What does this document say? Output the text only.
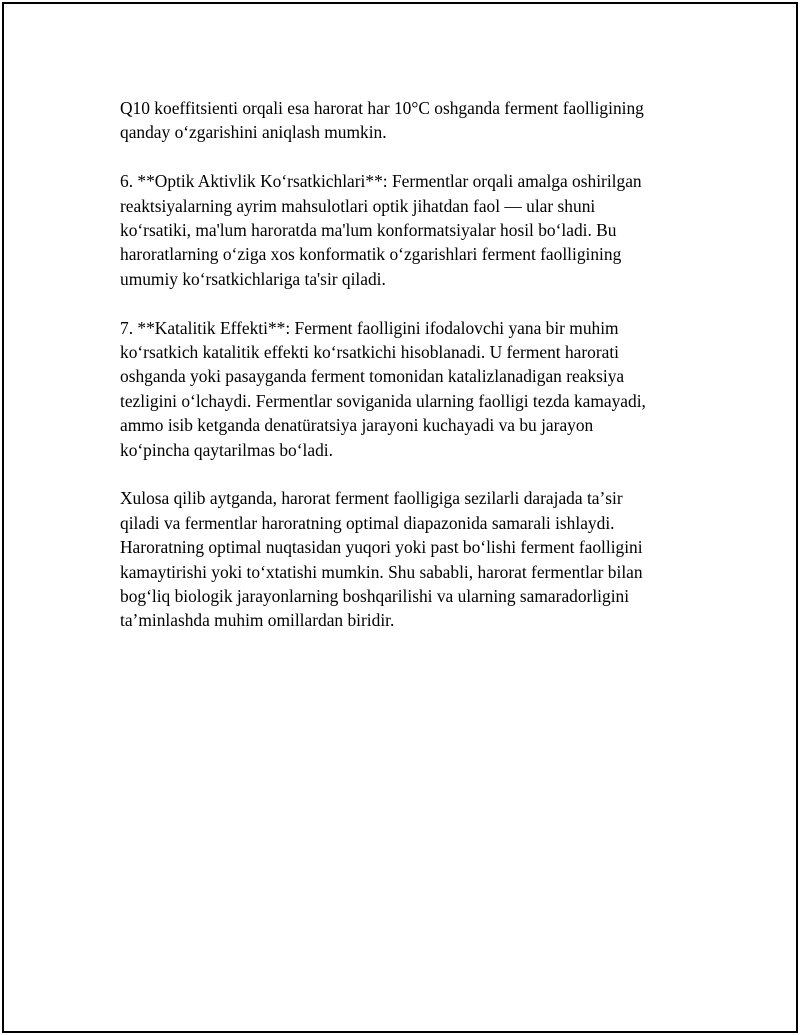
Q10 koeffitsienti orqali esa harorat har 10°C oshganda ferment faolligining
qanday oʻzgarishini aniqlash mumkin.

6. **Optik Aktivlik Koʻrsatkichlari**: Fermentlar orqali amalga oshirilgan
reaktsiyalarning ayrim mahsulotlari optik jihatdan faol — ular shuni
koʻrsatiki, ma'lum haroratda ma'lum konformatsiyalar hosil boʻladi. Bu
haroratlarning oʻziga xos konformatik oʻzgarishlari ferment faolligining
umumiy koʻrsatkichlariga ta'sir qiladi.

7. **Katalitik Effekti**: Ferment faolligini ifodalovchi yana bir muhim
koʻrsatkich katalitik effekti koʻrsatkichi hisoblanadi. U ferment harorati
oshganda yoki pasayganda ferment tomonidan katalizlanadigan reaksiya
tezligini oʻlchaydi. Fermentlar soviganida ularning faolligi tezda kamayadi,
ammo isib ketganda denatüratsiya jarayoni kuchayadi va bu jarayon
koʻpincha qaytarilmas boʻladi.

Xulosa qilib aytganda, harorat ferment faolligiga sezilarli darajada taʼsir
qiladi va fermentlar haroratning optimal diapazonida samarali ishlaydi.
Haroratning optimal nuqtasidan yuqori yoki past boʻlishi ferment faolligini
kamaytirishi yoki toʻxtatishi mumkin. Shu sababli, harorat fermentlar bilan
bogʻliq biologik jarayonlarning boshqarilishi va ularning samaradorligini
taʼminlashda muhim omillardan biridir.
